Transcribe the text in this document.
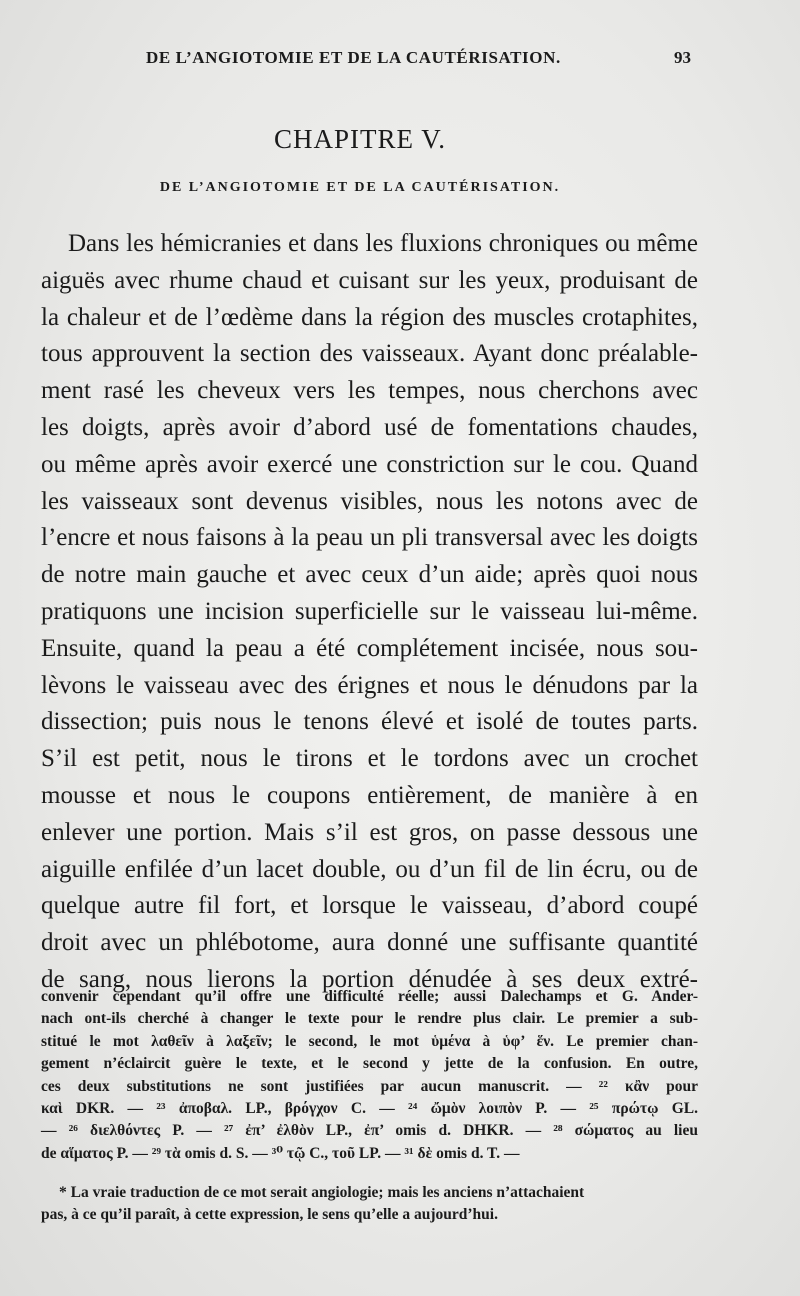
DE L’ANGIOTOMIE ET DE LA CAUTÉRISATION.	93
CHAPITRE V.
DE L’ANGIOTOMIE ET DE LA CAUTÉRISATION.
Dans les hémicranies et dans les fluxions chroniques ou même
aiguës avec rhume chaud et cuisant sur les yeux, produisant de
la chaleur et de l’œdème dans la région des muscles crotaphites,
tous approuvent la section des vaisseaux. Ayant donc préalable-
ment rasé les cheveux vers les tempes, nous cherchons avec
les doigts, après avoir d’abord usé de fomentations chaudes,
ou même après avoir exercé une constriction sur le cou. Quand
les vaisseaux sont devenus visibles, nous les notons avec de
l’encre et nous faisons à la peau un pli transversal avec les doigts
de notre main gauche et avec ceux d’un aide; après quoi nous
pratiquons une incision superficielle sur le vaisseau lui-même.
Ensuite, quand la peau a été complétement incisée, nous sou-
lèvons le vaisseau avec des érignes et nous le dénudons par la
dissection; puis nous le tenons élevé et isolé de toutes parts.
S’il est petit, nous le tirons et le tordons avec un crochet
mousse et nous le coupons entièrement, de manière à en
enlever une portion. Mais s’il est gros, on passe dessous une
aiguille enfilée d’un lacet double, ou d’un fil de lin écru, ou de
quelque autre fil fort, et lorsque le vaisseau, d’abord coupé
droit avec un phlébotome, aura donné une suffisante quantité
de sang, nous lierons la portion dénudée à ses deux extré-
convenir cependant qu’il offre une difficulté réelle; aussi Dalechamps et G. Ander-
nach ont-ils cherché à changer le texte pour le rendre plus clair. Le premier a sub-
stitué le mot λαθεῖν à λαξεῖν; le second, le mot ὑμένα à ὑφ’ ἕν. Le premier chan-
gement n’éclaircit guère le texte, et le second y jette de la confusion. En outre,
ces deux substitutions ne sont justifiées par aucun manuscrit. — ²² κἂν pour
καὶ DKR. — ²³ ἀποβαλ. LP., βρόγχον C. — ²⁴ ὤμὸν λοιπὸν P. — ²⁵ πρώτῳ GL.
— ²⁶ διελθόντες P. — ²⁷ ἐπ’ ἐλθὸν LP., ἐπ’ omis d. DHKR. — ²⁸ σώματος au lieu
de αἵματος P. — ²⁹ τὰ omis d. S. — ³⁰ τῷ C., τοῦ LP. — ³¹ δὲ omis d. T. —
* La vraie traduction de ce mot serait angiologie; mais les anciens n’attachaient
pas, à ce qu’il paraît, à cette expression, le sens qu’elle a aujourd’hui.
